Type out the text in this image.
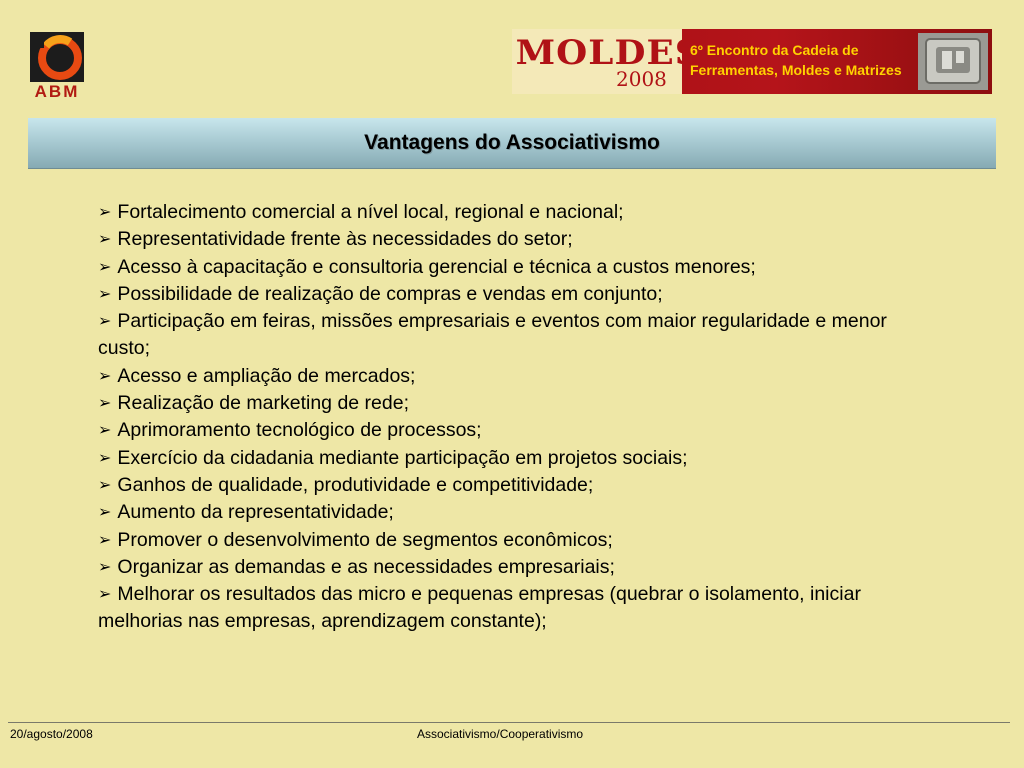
ABM
MOLDES
2008
6º Encontro da Cadeia de
Ferramentas, Moldes e Matrizes
Vantagens do Associativismo
➢ Fortalecimento comercial a nível local, regional e nacional;
➢ Representatividade frente às necessidades do setor;
➢ Acesso à capacitação e consultoria gerencial e técnica a custos menores;
➢ Possibilidade de realização de compras e vendas em conjunto;
➢ Participação em feiras, missões empresariais e eventos com maior regularidade e menor custo;
➢ Acesso e ampliação de mercados;
➢ Realização de marketing de rede;
➢ Aprimoramento tecnológico de processos;
➢ Exercício da cidadania mediante participação em projetos sociais;
➢ Ganhos de qualidade, produtividade e competitividade;
➢ Aumento da representatividade;
➢ Promover o desenvolvimento de segmentos econômicos;
➢ Organizar as demandas e as necessidades empresariais;
➢ Melhorar os resultados das micro e pequenas empresas (quebrar o isolamento, iniciar melhorias nas empresas, aprendizagem constante);
20/agosto/2008	Associativismo/Cooperativismo
